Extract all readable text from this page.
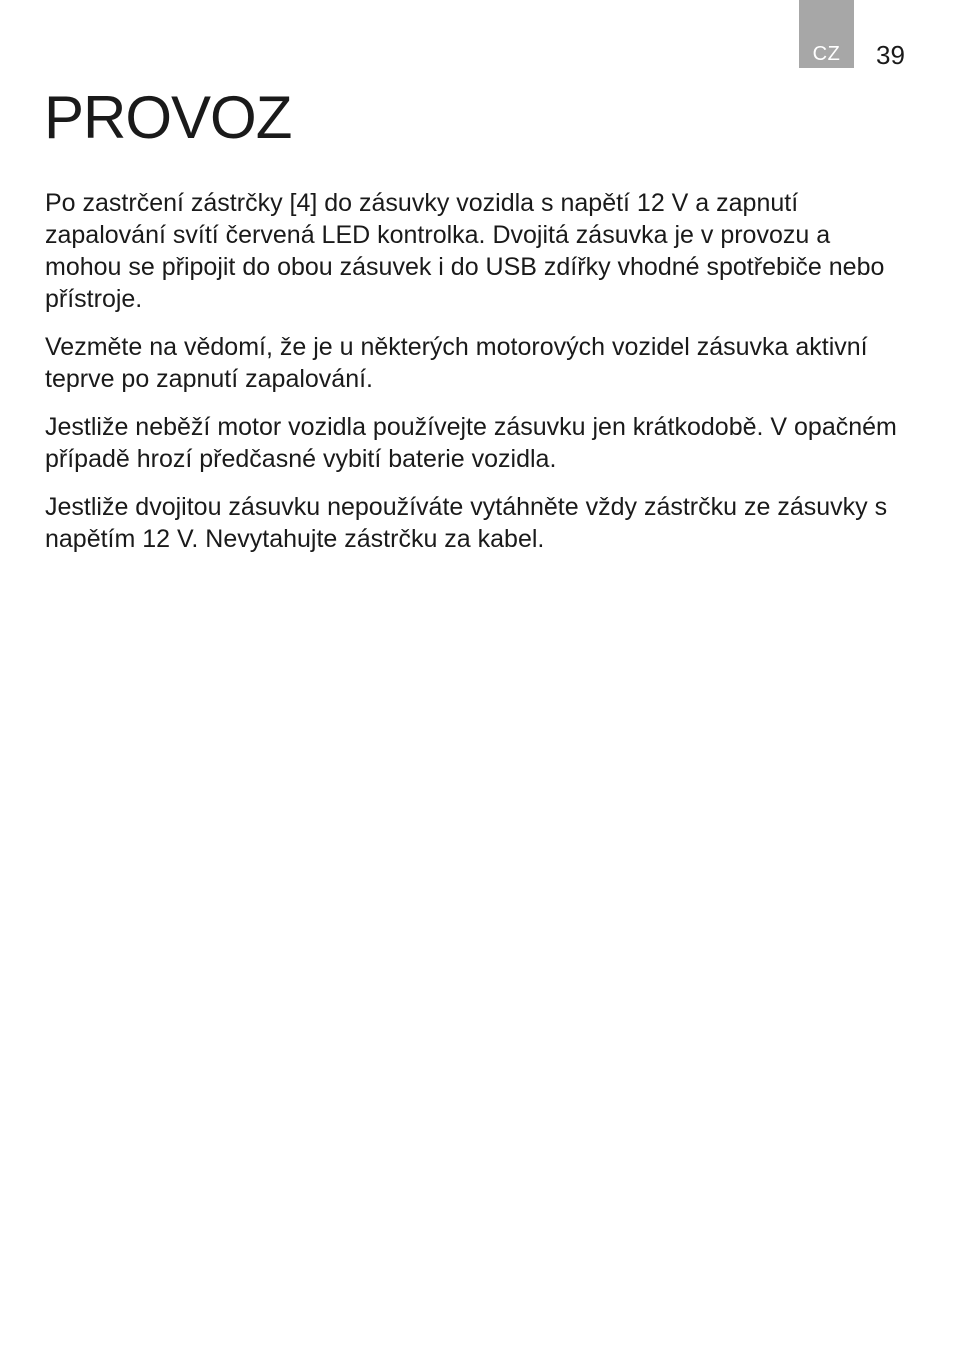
CZ 39
PROVOZ

Po zastrčení zástrčky [4] do zásuvky vozidla s napětí 12 V a zapnutí zapalování svítí červená LED kontrolka. Dvojitá zásuvka je v provozu a mohou se připojit do obou zásuvek i do USB zdířky vhodné spotřebiče nebo přístroje.

Vezměte na vědomí, že je u některých motorových vozidel zásuvka aktivní teprve po zapnutí zapalování.

Jestliže neběží motor vozidla používejte zásuvku jen krátkodobě. V opačném případě hrozí předčasné vybití baterie vozidla.

Jestliže dvojitou zásuvku nepoužíváte vytáhněte vždy zástrčku ze zásuvky s napětím 12 V. Nevytahujte zástrčku za kabel.
